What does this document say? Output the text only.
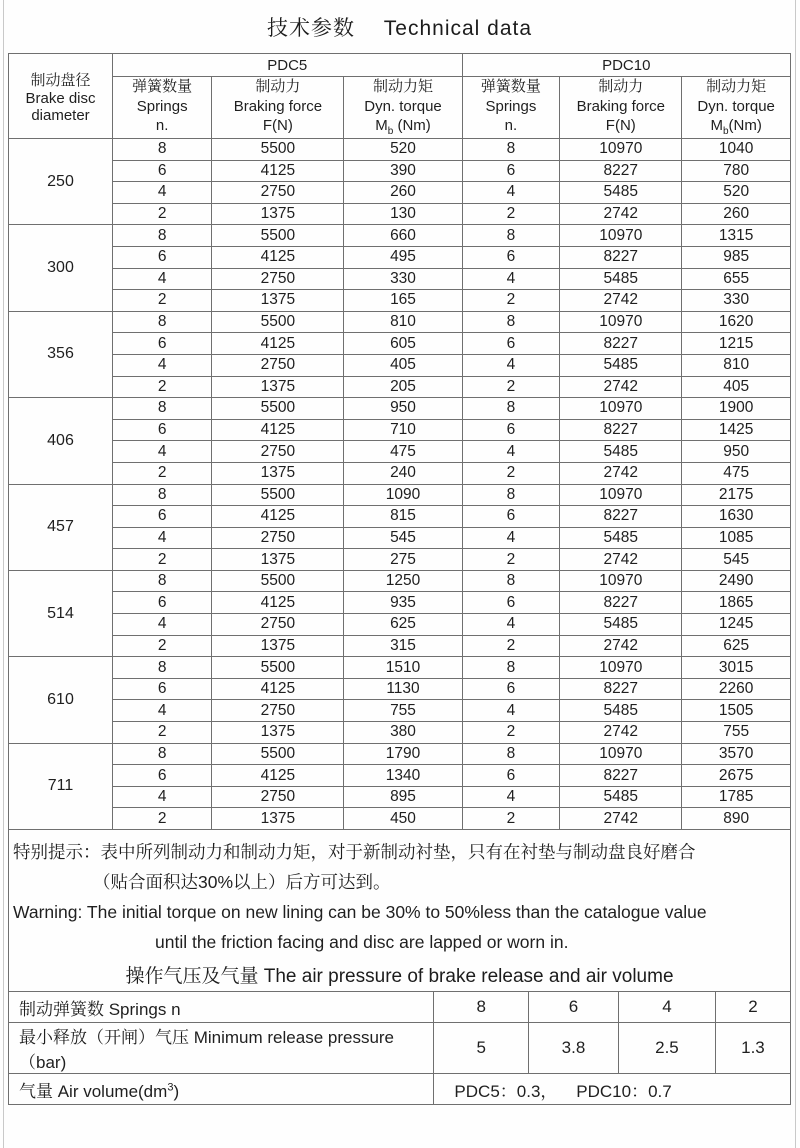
技术参数　 Technical data
制动盘径
Brake disc
diameter	PDC5			PDC10		

弹簧数量
Springs
n.

制动力
Braking force
F(N)

制动力矩
Dyn. torque
$M_b$ (Nm)

弹簧数量
Springs
n.

制动力
Braking force
F(N)

制动力矩
Dyn. torque
$M_b(Nm)$

250	8	5500	520	8	10970	1040
	6	4125	390	6	8227	780
	4	2750	260	4	5485	520
	2	1375	130	2	2742	260
300	8	5500	660	8	10970	1315
	6	4125	495	6	8227	985
	4	2750	330	4	5485	655
	2	1375	165	2	2742	330
356	8	5500	810	8	10970	1620
	6	4125	605	6	8227	1215
	4	2750	405	4	5485	810
	2	1375	205	2	2742	405
406	8	5500	950	8	10970	1900
	6	4125	710	6	8227	1425
	4	2750	475	4	5485	950
	2	1375	240	2	2742	475
457	8	5500	1090	8	10970	2175
	6	4125	815	6	8227	1630
	4	2750	545	4	5485	1085
	2	1375	275	2	2742	545
514	8	5500	1250	8	10970	2490
	6	4125	935	6	8227	1865
	4	2750	625	4	5485	1245
	2	1375	315	2	2742	625
610	8	5500	1510	8	10970	3015
	6	4125	1130	6	8227	2260
	4	2750	755	4	5485	1505
	2	1375	380	2	2742	755
711	8	5500	1790	8	10970	3570
	6	4125	1340	6	8227	2675
	4	2750	895	4	5485	1785
	2	1375	450	2	2742	890
特别提示：表中所列制动力和制动力矩，对于新制动衬垫，只有在衬垫与制动盘良好磨合
（贴合面积达30%以上）后方可达到。
Warning: The initial torque on new lining can be 30% to 50%less than the catalogue value
until the friction facing and disc are lapped or worn in.
操作气压及气量 The air pressure of brake release and air volume
制动弹簧数 Springs n	8	6	4	2
最小释放（开闸）气压 Minimum release pressure（bar)	5	3.8	2.5	1.3
气量 Air $volume(dm^3)$	PDC5：0.3，    PDC10：0.7			
